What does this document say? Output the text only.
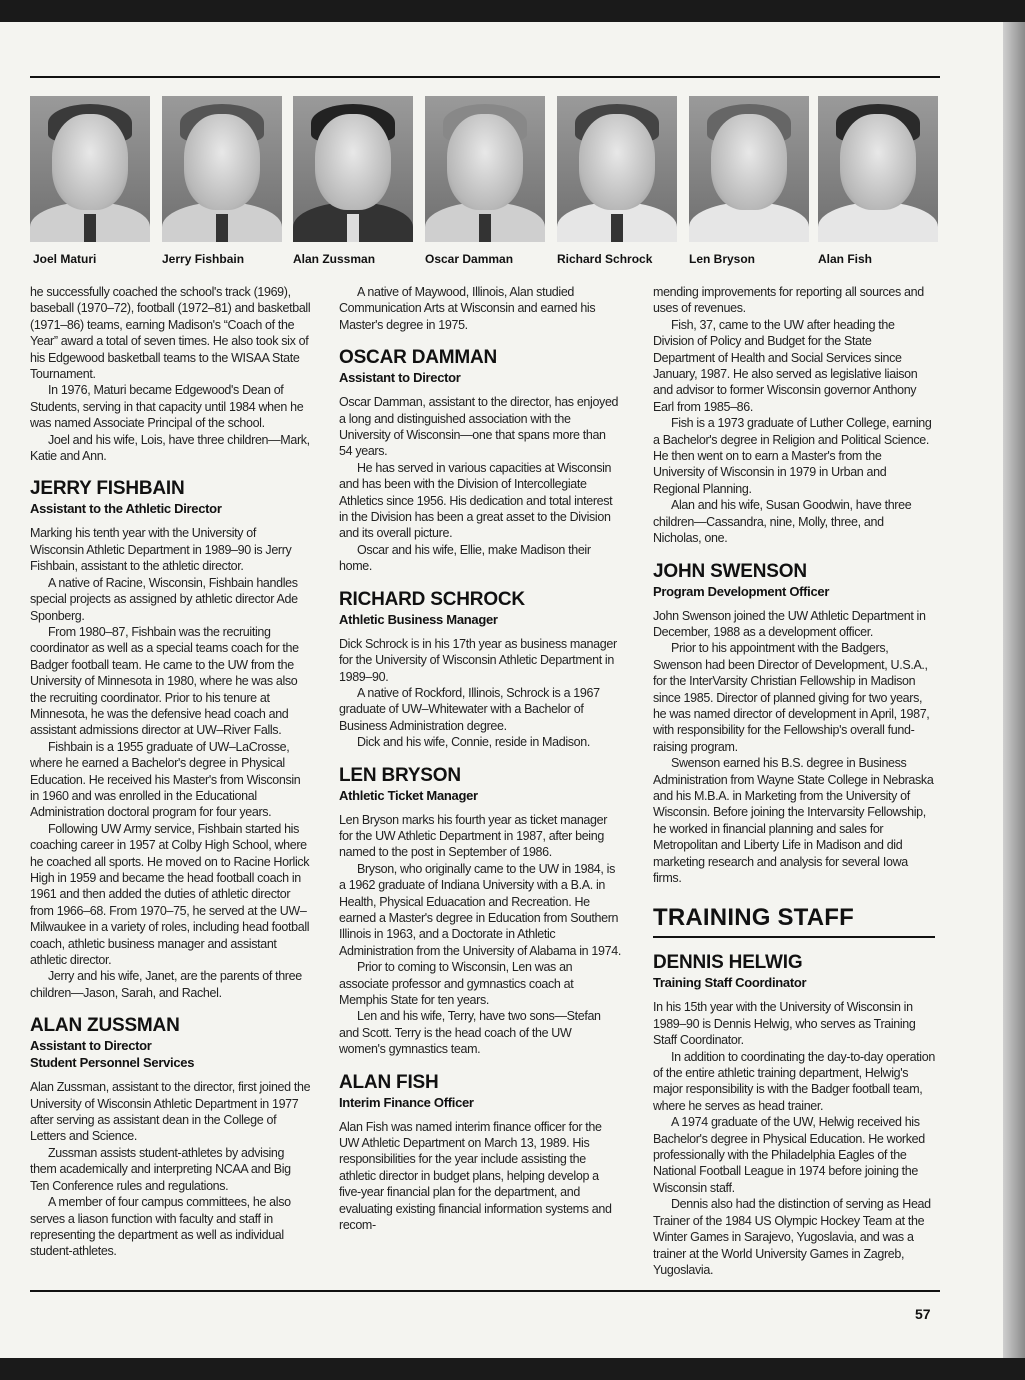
Joel Maturi	Jerry Fishbain	Alan Zussman	Oscar Damman	Richard Schrock	Len Bryson	Alan Fish

he successfully coached the school's track (1969), baseball (1970–72), football (1972–81) and basketball (1971–86) teams, earning Madison's “Coach of the Year” award a total of seven times. He also took six of his Edgewood basketball teams to the WISAA State Tournament.

In 1976, Maturi became Edgewood's Dean of Students, serving in that capacity until 1984 when he was named Associate Principal of the school.

Joel and his wife, Lois, have three children—Mark, Katie and Ann.

JERRY FISHBAIN
Assistant to the Athletic Director

Marking his tenth year with the University of Wisconsin Athletic Department in 1989–90 is Jerry Fishbain, assistant to the athletic director.

A native of Racine, Wisconsin, Fishbain handles special projects as assigned by athletic director Ade Sponberg.

From 1980–87, Fishbain was the recruiting coordinator as well as a special teams coach for the Badger football team. He came to the UW from the University of Minnesota in 1980, where he was also the recruiting coordinator. Prior to his tenure at Minnesota, he was the defensive head coach and assistant admissions director at UW–River Falls.

Fishbain is a 1955 graduate of UW–LaCrosse, where he earned a Bachelor's degree in Physical Education. He received his Master's from Wisconsin in 1960 and was enrolled in the Educational Administration doctoral program for four years.

Following UW Army service, Fishbain started his coaching career in 1957 at Colby High School, where he coached all sports. He moved on to Racine Horlick High in 1959 and became the head football coach in 1961 and then added the duties of athletic director from 1966–68. From 1970–75, he served at the UW–Milwaukee in a variety of roles, including head football coach, athletic business manager and assistant athletic director.

Jerry and his wife, Janet, are the parents of three children—Jason, Sarah, and Rachel.

ALAN ZUSSMAN
Assistant to Director
Student Personnel Services

Alan Zussman, assistant to the director, first joined the University of Wisconsin Athletic Department in 1977 after serving as assistant dean in the College of Letters and Science.

Zussman assists student-athletes by advising them academically and interpreting NCAA and Big Ten Conference rules and regulations.

A member of four campus committees, he also serves a liason function with faculty and staff in representing the department as well as individual student-athletes.

A native of Maywood, Illinois, Alan studied Communication Arts at Wisconsin and earned his Master's degree in 1975.

OSCAR DAMMAN
Assistant to Director

Oscar Damman, assistant to the director, has enjoyed a long and distinguished association with the University of Wisconsin—one that spans more than 54 years.

He has served in various capacities at Wisconsin and has been with the Division of Intercollegiate Athletics since 1956. His dedication and total interest in the Division has been a great asset to the Division and its overall picture.

Oscar and his wife, Ellie, make Madison their home.

RICHARD SCHROCK
Athletic Business Manager

Dick Schrock is in his 17th year as business manager for the University of Wisconsin Athletic Department in 1989–90.

A native of Rockford, Illinois, Schrock is a 1967 graduate of UW–Whitewater with a Bachelor of Business Administration degree.

Dick and his wife, Connie, reside in Madison.

LEN BRYSON
Athletic Ticket Manager

Len Bryson marks his fourth year as ticket manager for the UW Athletic Department in 1987, after being named to the post in September of 1986.

Bryson, who originally came to the UW in 1984, is a 1962 graduate of Indiana University with a B.A. in Health, Physical Eduacation and Recreation. He earned a Master's degree in Education from Southern Illinois in 1963, and a Doctorate in Athletic Administration from the University of Alabama in 1974.

Prior to coming to Wisconsin, Len was an associate professor and gymnastics coach at Memphis State for ten years.

Len and his wife, Terry, have two sons—Stefan and Scott. Terry is the head coach of the UW women's gymnastics team.

ALAN FISH
Interim Finance Officer

Alan Fish was named interim finance officer for the UW Athletic Department on March 13, 1989. His responsibilities for the year include assisting the athletic director in budget plans, helping develop a five-year financial plan for the department, and evaluating existing financial information systems and recom-

mending improvements for reporting all sources and uses of revenues.

Fish, 37, came to the UW after heading the Division of Policy and Budget for the State Department of Health and Social Services since January, 1987. He also served as legislative liaison and advisor to former Wisconsin governor Anthony Earl from 1985–86.

Fish is a 1973 graduate of Luther College, earning a Bachelor's degree in Religion and Political Science. He then went on to earn a Master's from the University of Wisconsin in 1979 in Urban and Regional Planning.

Alan and his wife, Susan Goodwin, have three children—Cassandra, nine, Molly, three, and Nicholas, one.

JOHN SWENSON
Program Development Officer

John Swenson joined the UW Athletic Department in December, 1988 as a development officer.

Prior to his appointment with the Badgers, Swenson had been Director of Development, U.S.A., for the InterVarsity Christian Fellowship in Madison since 1985. Director of planned giving for two years, he was named director of development in April, 1987, with responsibility for the Fellowship's overall fund-raising program.

Swenson earned his B.S. degree in Business Administration from Wayne State College in Nebraska and his M.B.A. in Marketing from the University of Wisconsin. Before joining the Intervarsity Fellowship, he worked in financial planning and sales for Metropolitan and Liberty Life in Madison and did marketing research and analysis for several Iowa firms.

TRAINING STAFF
DENNIS HELWIG
Training Staff Coordinator

In his 15th year with the University of Wisconsin in 1989–90 is Dennis Helwig, who serves as Training Staff Coordinator.

In addition to coordinating the day-to-day operation of the entire athletic training department, Helwig's major responsibility is with the Badger football team, where he serves as head trainer.

A 1974 graduate of the UW, Helwig received his Bachelor's degree in Physical Education. He worked professionally with the Philadelphia Eagles of the National Football League in 1974 before joining the Wisconsin staff.

Dennis also had the distinction of serving as Head Trainer of the 1984 US Olympic Hockey Team at the Winter Games in Sarajevo, Yugoslavia, and was a trainer at the World University Games in Zagreb, Yugoslavia.

57
